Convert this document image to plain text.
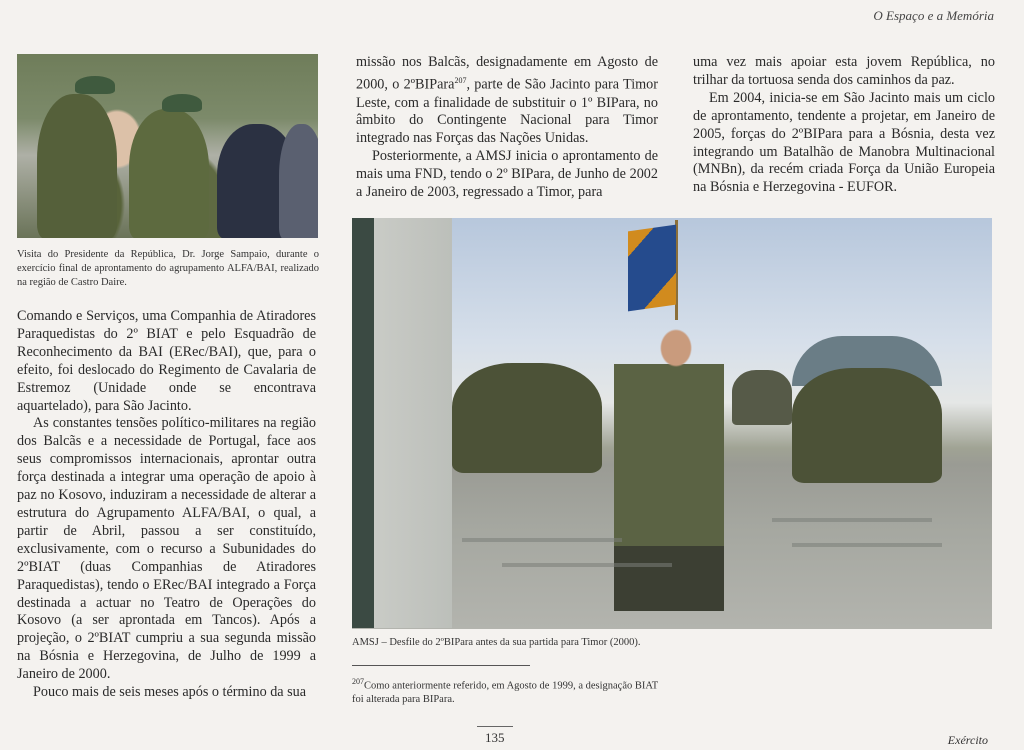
O Espaço e a Memória
Visita do Presidente da República, Dr. Jorge Sampaio, durante o exercício final de aprontamento do agrupamento ALFA/BAI, realizado na região de Castro Daire.

Comando e Serviços, uma Companhia de Atiradores Paraquedistas do 2º BIAT e pelo Esquadrão de Reconhecimento da BAI (ERec/BAI), que, para o efeito, foi deslocado do Regimento de Cavalaria de Estremoz (Unidade onde se encontrava aquartelado), para São Jacinto.

As constantes tensões político-militares na região dos Balcãs e a necessidade de Portugal, face aos seus compromissos internacionais, aprontar outra força destinada a integrar uma operação de apoio à paz no Kosovo, induziram a necessidade de alterar a estrutura do Agrupamento ALFA/BAI, o qual, a partir de Abril, passou a ser constituído, exclusivamente, com o recurso a Subunidades do 2ºBIAT (duas Companhias de Atiradores Paraquedistas), tendo o ERec/BAI integrado a Força destinada a actuar no Teatro de Operações do Kosovo (a ser aprontada em Tancos). Após a projeção, o 2ºBIAT cumpriu a sua segunda missão na Bósnia e Herzegovina, de Julho de 1999 a Janeiro de 2000.

Pouco mais de seis meses após o término da sua

missão nos Balcãs, designadamente em Agosto de 2000, o 2ºBIPara$^{207}$, parte de São Jacinto para Timor Leste, com a finalidade de substituir o 1º BIPara, no âmbito do Contingente Nacional para Timor integrado nas Forças das Nações Unidas.

Posteriormente, a AMSJ inicia o aprontamento de mais uma FND, tendo o 2º BIPara, de Junho de 2002 a Janeiro de 2003, regressado a Timor, para

uma vez mais apoiar esta jovem República, no trilhar da tortuosa senda dos caminhos da paz.

Em 2004, inicia-se em São Jacinto mais um ciclo de aprontamento, tendente a projetar, em Janeiro de 2005, forças do 2ºBIPara para a Bósnia, desta vez integrando um Batalhão de Manobra Multinacional (MNBn), da recém criada Força da União Europeia na Bósnia e Herzegovina - EUFOR.

AMSJ – Desfile do 2ºBIPara antes da sua partida para Timor (2000).
$^{207}$Como anteriormente referido, em Agosto de 1999, a designação BIAT foi alterada para BIPara.
135	Exército
